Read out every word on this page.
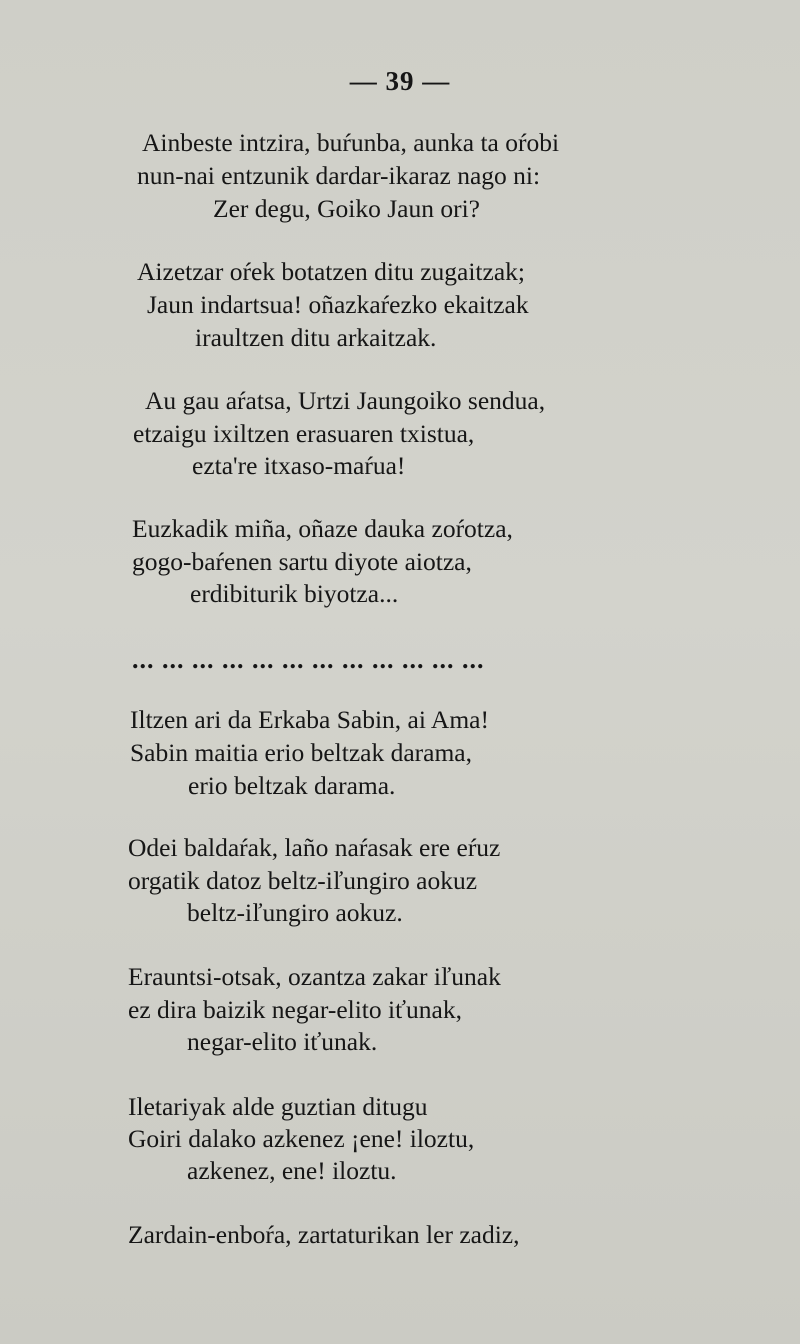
— 39 —
Ainbeste intzira, buŕunba, aunka ta oŕobi
nun-nai entzunik dardar-ikaraz nago ni:
Zer degu, Goiko Jaun ori?
Aizetzar oŕek botatzen ditu zugaitzak;
Jaun indartsua! oñazkaŕezko ekaitzak
iraultzen ditu arkaitzak.
Au gau aŕatsa, Urtzi Jaungoiko sendua,
etzaigu ixiltzen erasuaren txistua,
ezta're itxaso-maŕua!
Euzkadik miña, oñaze dauka zoŕotza,
gogo-baŕenen sartu diyote aiotza,
erdibiturik biyotza...
... ... ... ... ... ... ... ... ... ... ... ...
Iltzen ari da Erkaba Sabin, ai Ama!
Sabin maitia erio beltzak darama,
erio beltzak darama.
Odei baldaŕak, laño naŕasak ere eŕuz
orgatik datoz beltz-iľungiro aokuz
beltz-iľungiro aokuz.
Erauntsi-otsak, ozantza zakar iľunak
ez dira baizik negar-elito iťunak,
negar-elito iťunak.
Iletariyak alde guztian ditugu
Goiri dalako azkenez ¡ene! iloztu,
azkenez, ene! iloztu.
Zardain-enboŕa, zartaturikan ler zadiz,
